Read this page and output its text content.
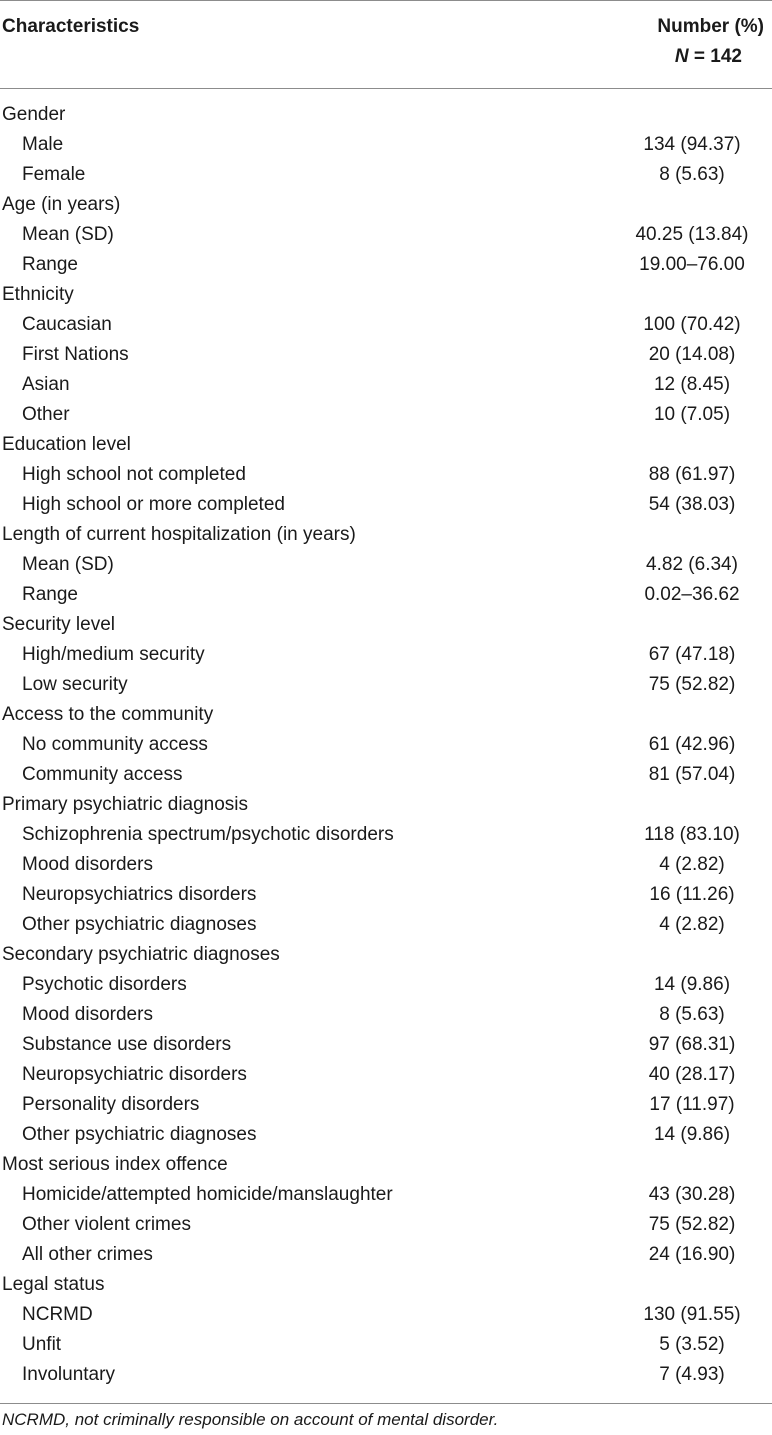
Characteristics	Number (%)
N = 142
Gender
Male	134 (94.37)
Female	8 (5.63)
Age (in years)
Mean (SD)	40.25 (13.84)
Range	19.00–76.00
Ethnicity
Caucasian	100 (70.42)
First Nations	20 (14.08)
Asian	12 (8.45)
Other	10 (7.05)
Education level
High school not completed	88 (61.97)
High school or more completed	54 (38.03)
Length of current hospitalization (in years)
Mean (SD)	4.82 (6.34)
Range	0.02–36.62
Security level
High/medium security	67 (47.18)
Low security	75 (52.82)
Access to the community
No community access	61 (42.96)
Community access	81 (57.04)
Primary psychiatric diagnosis
Schizophrenia spectrum/psychotic disorders	118 (83.10)
Mood disorders	4 (2.82)
Neuropsychiatrics disorders	16 (11.26)
Other psychiatric diagnoses	4 (2.82)
Secondary psychiatric diagnoses
Psychotic disorders	14 (9.86)
Mood disorders	8 (5.63)
Substance use disorders	97 (68.31)
Neuropsychiatric disorders	40 (28.17)
Personality disorders	17 (11.97)
Other psychiatric diagnoses	14 (9.86)
Most serious index offence
Homicide/attempted homicide/manslaughter	43 (30.28)
Other violent crimes	75 (52.82)
All other crimes	24 (16.90)
Legal status
NCRMD	130 (91.55)
Unfit	5 (3.52)
Involuntary	7 (4.93)
NCRMD, not criminally responsible on account of mental disorder.
